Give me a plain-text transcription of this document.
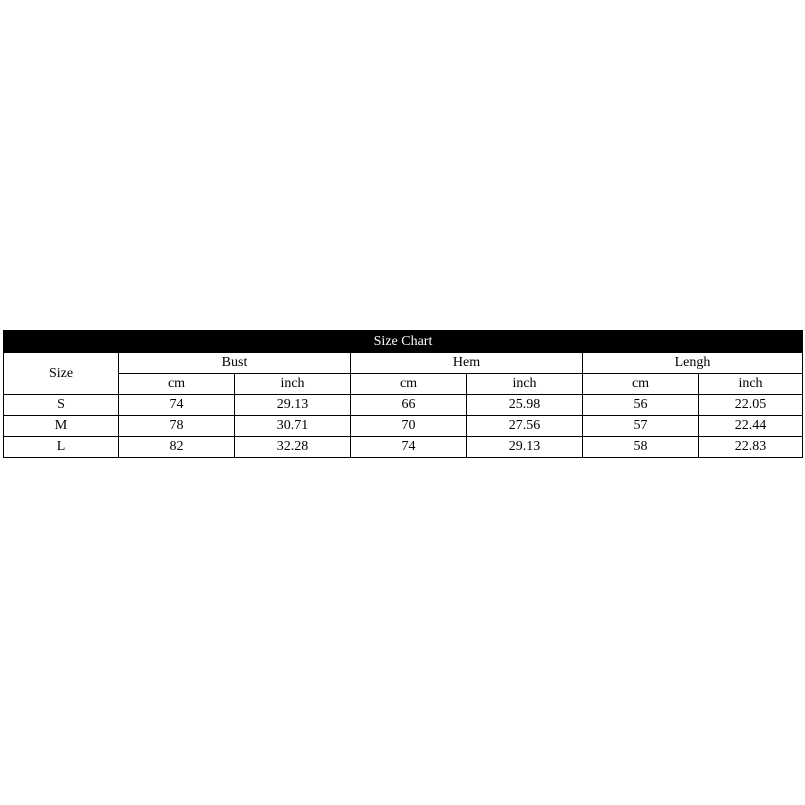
Size Chart						
Size	Bust		Hem		Lengh	
	cm	inch	cm	inch	cm	inch
S	74	29.13	66	25.98	56	22.05
M	78	30.71	70	27.56	57	22.44
L	82	32.28	74	29.13	58	22.83
